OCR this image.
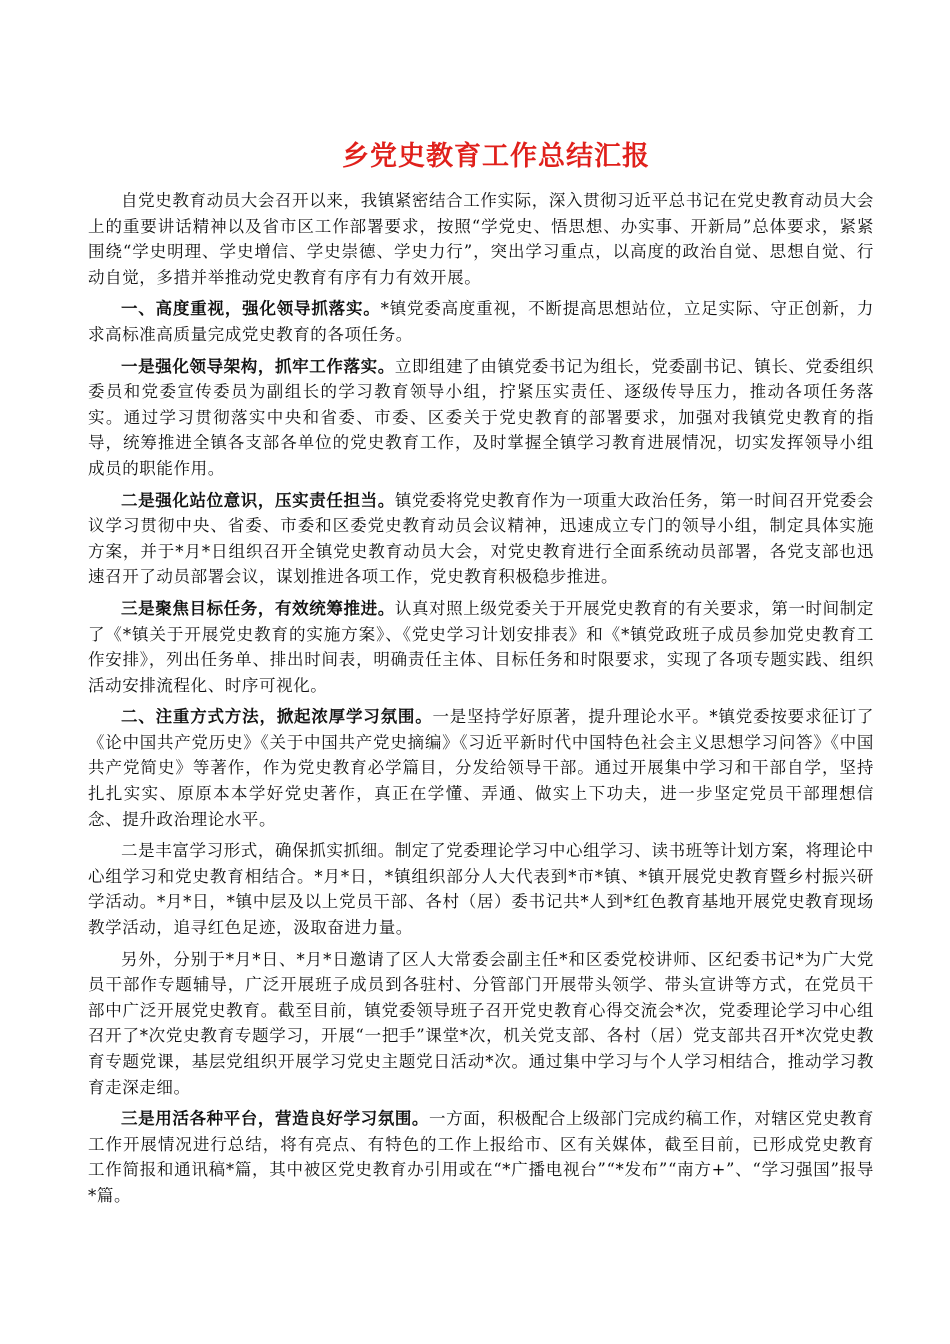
乡党史教育工作总结汇报

自党史教育动员大会召开以来，我镇紧密结合工作实际，深入贯彻习近平总书记在党史教育动员大会上的重要讲话精神以及省市区工作部署要求，按照“学党史、悟思想、办实事、开新局”总体要求，紧紧围绕“学史明理、学史增信、学史崇德、学史力行”，突出学习重点，以高度的政治自觉、思想自觉、行动自觉，多措并举推动党史教育有序有力有效开展。

一、高度重视，强化领导抓落实。*镇党委高度重视，不断提高思想站位，立足实际、守正创新，力求高标准高质量完成党史教育的各项任务。

一是强化领导架构，抓牢工作落实。立即组建了由镇党委书记为组长，党委副书记、镇长、党委组织委员和党委宣传委员为副组长的学习教育领导小组，拧紧压实责任、逐级传导压力，推动各项任务落实。通过学习贯彻落实中央和省委、市委、区委关于党史教育的部署要求，加强对我镇党史教育的指导，统筹推进全镇各支部各单位的党史教育工作，及时掌握全镇学习教育进展情况，切实发挥领导小组成员的职能作用。

二是强化站位意识，压实责任担当。镇党委将党史教育作为一项重大政治任务，第一时间召开党委会议学习贯彻中央、省委、市委和区委党史教育动员会议精神，迅速成立专门的领导小组，制定具体实施方案，并于*月*日组织召开全镇党史教育动员大会，对党史教育进行全面系统动员部署，各党支部也迅速召开了动员部署会议，谋划推进各项工作，党史教育积极稳步推进。

三是聚焦目标任务，有效统筹推进。认真对照上级党委关于开展党史教育的有关要求，第一时间制定了《*镇关于开展党史教育的实施方案》、《党史学习计划安排表》和《*镇党政班子成员参加党史教育工作安排》，列出任务单、排出时间表，明确责任主体、目标任务和时限要求，实现了各项专题实践、组织活动安排流程化、时序可视化。

二、注重方式方法，掀起浓厚学习氛围。一是坚持学好原著，提升理论水平。*镇党委按要求征订了《论中国共产党历史》《关于中国共产党史摘编》《习近平新时代中国特色社会主义思想学习问答》《中国共产党简史》等著作，作为党史教育必学篇目，分发给领导干部。通过开展集中学习和干部自学，坚持扎扎实实、原原本本学好党史著作，真正在学懂、弄通、做实上下功夫，进一步坚定党员干部理想信念、提升政治理论水平。

二是丰富学习形式，确保抓实抓细。制定了党委理论学习中心组学习、读书班等计划方案，将理论中心组学习和党史教育相结合。*月*日，*镇组织部分人大代表到*市*镇、*镇开展党史教育暨乡村振兴研学活动。*月*日，*镇中层及以上党员干部、各村（居）委书记共*人到*红色教育基地开展党史教育现场教学活动，追寻红色足迹，汲取奋进力量。

另外，分别于*月*日、*月*日邀请了区人大常委会副主任*和区委党校讲师、区纪委书记*为广大党员干部作专题辅导，广泛开展班子成员到各驻村、分管部门开展带头领学、带头宣讲等方式，在党员干部中广泛开展党史教育。截至目前，镇党委领导班子召开党史教育心得交流会*次，党委理论学习中心组召开了*次党史教育专题学习，开展“一把手”课堂*次，机关党支部、各村（居）党支部共召开*次党史教育专题党课，基层党组织开展学习党史主题党日活动*次。通过集中学习与个人学习相结合，推动学习教育走深走细。

三是用活各种平台，营造良好学习氛围。一方面，积极配合上级部门完成约稿工作，对辖区党史教育工作开展情况进行总结，将有亮点、有特色的工作上报给市、区有关媒体，截至目前，已形成党史教育工作简报和通讯稿*篇，其中被区党史教育办引用或在“*广播电视台”“*发布”“南方+”、“学习强国”报导*篇。
